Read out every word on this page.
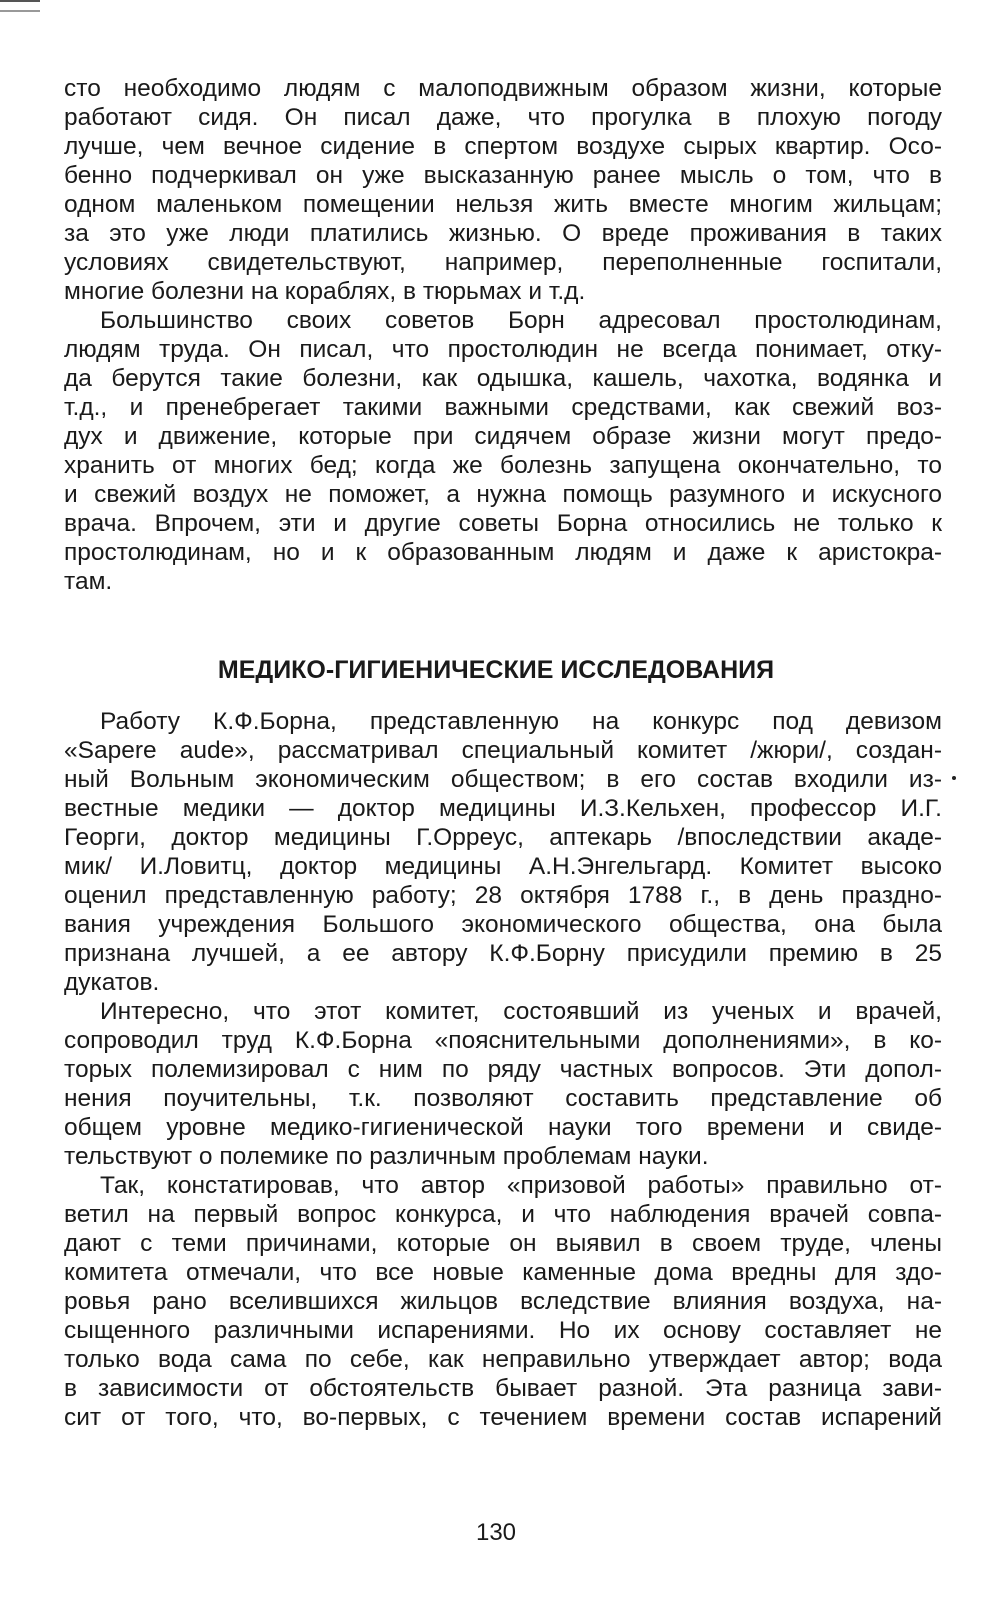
сто необходимо людям с малоподвижным образом жизни, которые
работают сидя. Он писал даже, что прогулка в плохую погоду
лучше, чем вечное сидение в спертом воздухе сырых квартир. Осо-
бенно подчеркивал он уже высказанную ранее мысль о том, что в
одном маленьком помещении нельзя жить вместе многим жильцам;
за это уже люди платились жизнью. О вреде проживания в таких
условиях свидетельствуют, например, переполненные госпитали,
многие болезни на кораблях, в тюрьмах и т.д.
Большинство своих советов Борн адресовал простолюдинам,
людям труда. Он писал, что простолюдин не всегда понимает, отку-
да берутся такие болезни, как одышка, кашель, чахотка, водянка и
т.д., и пренебрегает такими важными средствами, как свежий воз-
дух и движение, которые при сидячем образе жизни могут предо-
хранить от многих бед; когда же болезнь запущена окончательно, то
и свежий воздух не поможет, а нужна помощь разумного и искусного
врача. Впрочем, эти и другие советы Борна относились не только к
простолюдинам, но и к образованным людям и даже к аристокра-
там.
МЕДИКО-ГИГИЕНИЧЕСКИЕ ИССЛЕДОВАНИЯ
Работу К.Ф.Борна, представленную на конкурс под девизом
«Sapere aude», рассматривал специальный комитет /жюри/, создан-
ный Вольным экономическим обществом; в его состав входили из-
вестные медики — доктор медицины И.З.Кельхен, профессор И.Г.
Георги, доктор медицины Г.Орреус, аптекарь /впоследствии акаде-
мик/ И.Ловитц, доктор медицины А.Н.Энгельгард. Комитет высоко
оценил представленную работу; 28 октября 1788 г., в день праздно-
вания учреждения Большого экономического общества, она была
признана лучшей, а ее автору К.Ф.Борну присудили премию в 25
дукатов.
Интересно, что этот комитет, состоявший из ученых и врачей,
сопроводил труд К.Ф.Борна «пояснительными дополнениями», в ко-
торых полемизировал с ним по ряду частных вопросов. Эти допол-
нения поучительны, т.к. позволяют составить представление об
общем уровне медико-гигиенической науки того времени и свиде-
тельствуют о полемике по различным проблемам науки.
Так, констатировав, что автор «призовой работы» правильно от-
ветил на первый вопрос конкурса, и что наблюдения врачей совпа-
дают с теми причинами, которые он выявил в своем труде, члены
комитета отмечали, что все новые каменные дома вредны для здо-
ровья рано вселившихся жильцов вследствие влияния воздуха, на-
сыщенного различными испарениями. Но их основу составляет не
только вода сама по себе, как неправильно утверждает автор; вода
в зависимости от обстоятельств бывает разной. Эта разница зави-
сит от того, что, во-первых, с течением времени состав испарений
130
